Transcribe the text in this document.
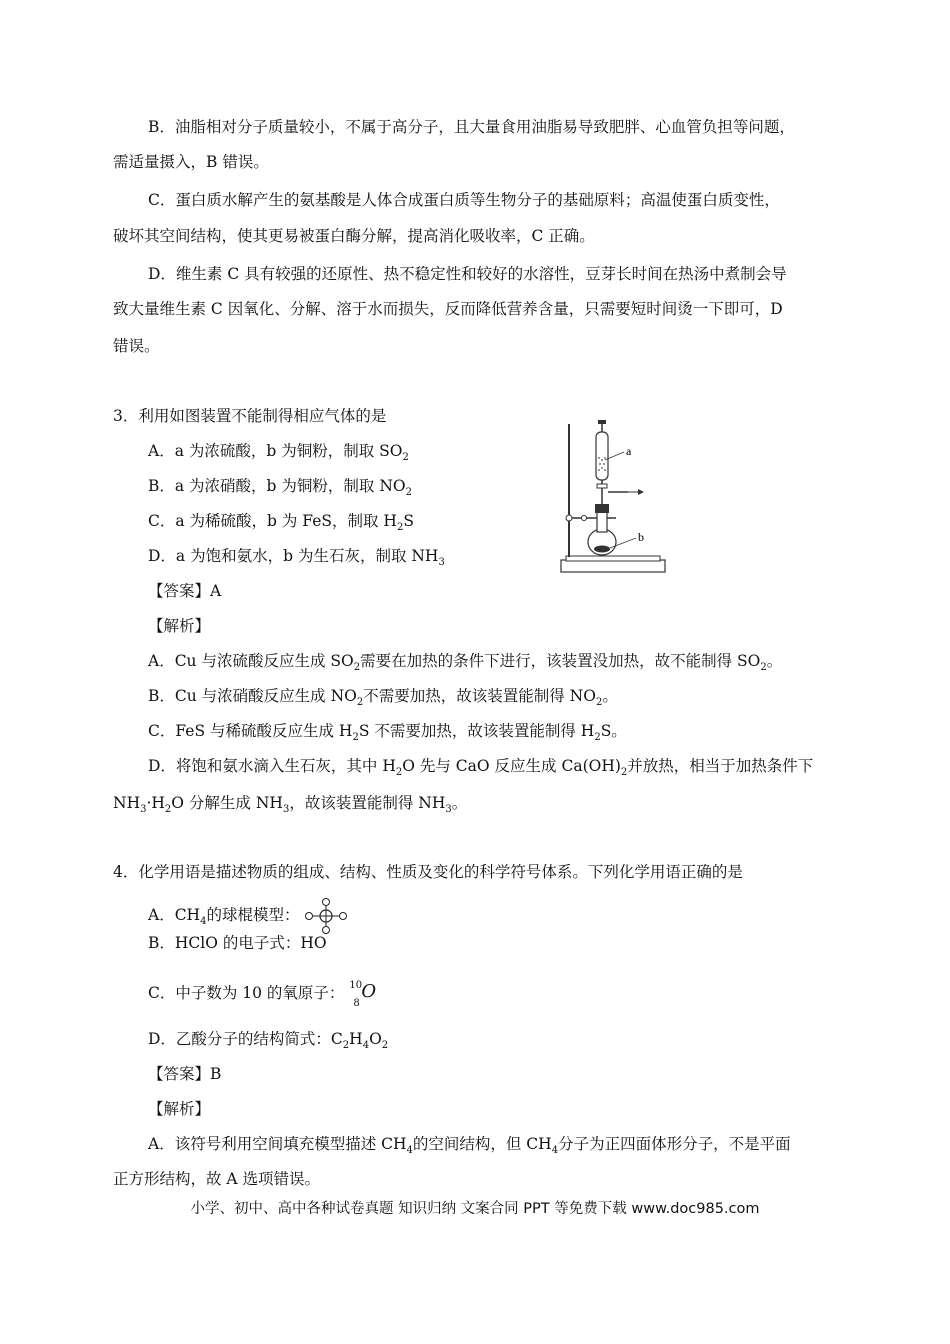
B．油脂相对分子质量较小，不属于高分子，且大量食用油脂易导致肥胖、心血管负担等问题，
需适量摄入，B 错误。
C．蛋白质水解产生的氨基酸是人体合成蛋白质等生物分子的基础原料；高温使蛋白质变性，
破坏其空间结构，使其更易被蛋白酶分解，提高消化吸收率，C 正确。
D．维生素 C 具有较强的还原性、热不稳定性和较好的水溶性，豆芽长时间在热汤中煮制会导
致大量维生素 C 因氧化、分解、溶于水而损失，反而降低营养含量，只需要短时间烫一下即可，D
错误。
3．利用如图装置不能制得相应气体的是
A．a 为浓硫酸，b 为铜粉，制取 $SO_2$
B．a 为浓硝酸，b 为铜粉，制取 $NO_2$
C．a 为稀硫酸，b 为 FeS，制取 $H_2S$
D．a 为饱和氨水，b 为生石灰，制取 $NH_3$
a
b
【答案】A
【解析】
A．Cu 与浓硫酸反应生成 $SO_2$需要在加热的条件下进行，该装置没加热，故不能制得 $SO_2$。
B．Cu 与浓硝酸反应生成 $NO_2$不需要加热，故该装置能制得 $NO_2$。
C．FeS 与稀硫酸反应生成 $H_2S$ 不需要加热，故该装置能制得 $H_2S$。
D．将饱和氨水滴入生石灰，其中 $H_2O$ 先与 CaO 反应生成 $Ca(OH)_2$并放热，相当于加热条件下
$NH_3\cdot H_2O$ 分解生成 $NH_3$，故该装置能制得 $NH_3$。
4．化学用语是描述物质的组成、结构、性质及变化的科学符号体系。下列化学用语正确的是
A．$CH_4$的球棍模型：
B．HClO 的电子式：HO
C．中子数为 10 的氧原子： 10
8
O
D．乙酸分子的结构简式：$C_2H_4O_2$
【答案】B
【解析】
A．该符号利用空间填充模型描述 $CH_4$的空间结构，但 $CH_4$分子为正四面体形分子，不是平面
正方形结构，故 A 选项错误。
小学、初中、高中各种试卷真题 知识归纳 文案合同 PPT 等免费下载 www.doc985.com
